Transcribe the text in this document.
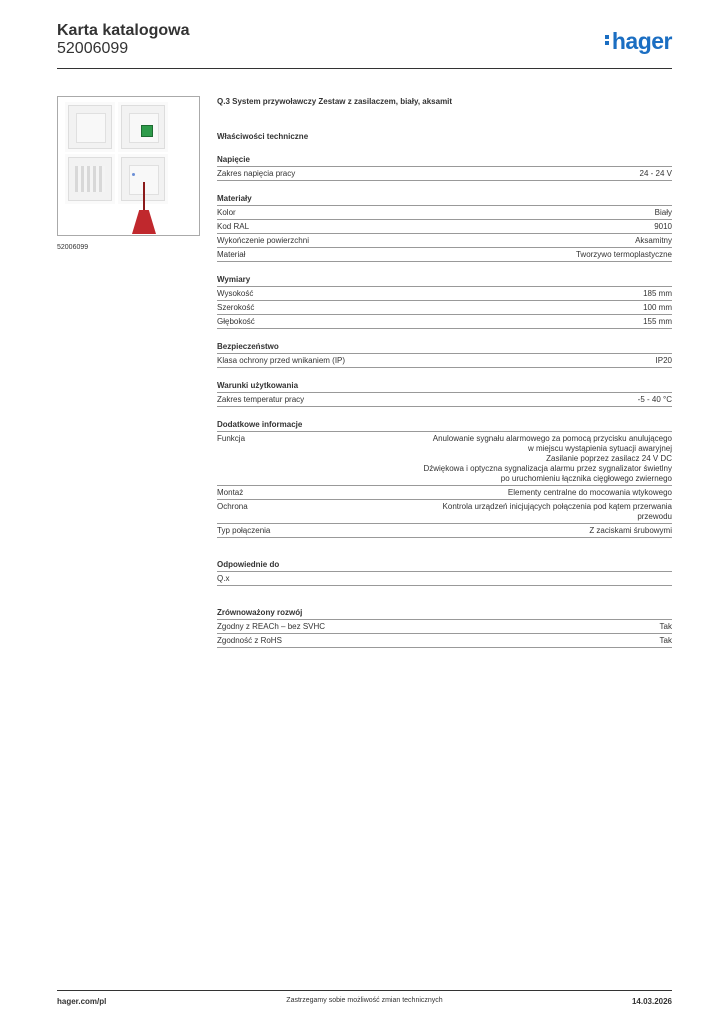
Karta katalogowa
52006099	hager
52006099
Q.3 System przywoławczy Zestaw z zasilaczem, biały, aksamit
Właściwości techniczne
Napięcie
Zakres napięcia pracy	24 - 24 V
Materiały
Kolor	Biały
Kod RAL	9010
Wykończenie powierzchni	Aksamitny
Materiał	Tworzywo termoplastyczne
Wymiary
Wysokość	185 mm
Szerokość	100 mm
Głębokość	155 mm
Bezpieczeństwo
Klasa ochrony przed wnikaniem (IP)	IP20
Warunki użytkowania
Zakres temperatur pracy	-5 - 40 °C
Dodatkowe informacje
Funkcja	Anulowanie sygnału alarmowego za pomocą przycisku anulującego
w miejscu wystąpienia sytuacji awaryjnej
Zasilanie poprzez zasilacz 24 V DC
Dźwiękowa i optyczna sygnalizacja alarmu przez sygnalizator świetlny
po uruchomieniu łącznika cięgłowego zwiernego
Montaż	Elementy centralne do mocowania wtykowego
Ochrona	Kontrola urządzeń inicjujących połączenia pod kątem przerwania
przewodu
Typ połączenia	Z zaciskami śrubowymi
Odpowiednie do
Q.x
Zrównoważony rozwój
Zgodny z REACh – bez SVHC	Tak
Zgodność z RoHS	Tak
hager.com/pl	Zastrzegamy sobie możliwość zmian technicznych	14.03.2026
